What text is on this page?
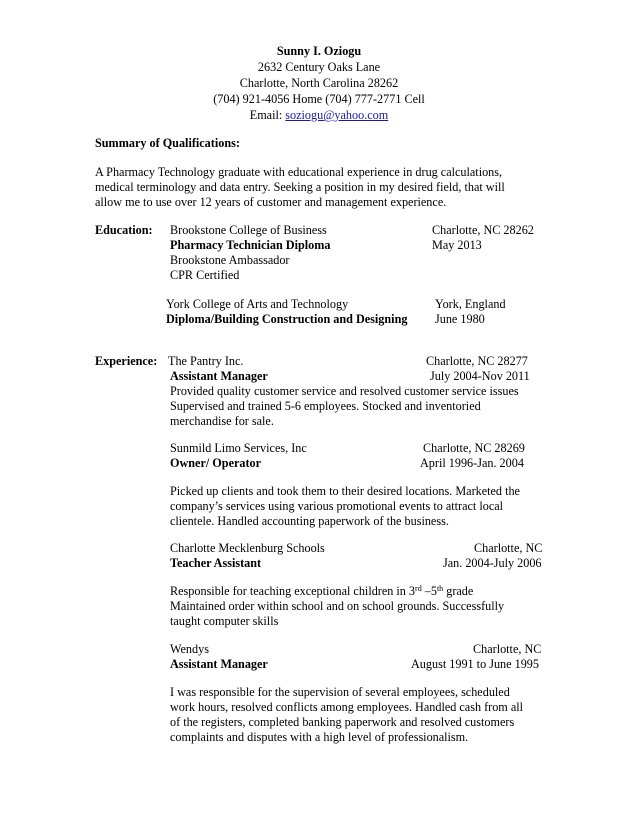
Sunny I. Oziogu
2632 Century Oaks Lane
Charlotte, North Carolina 28262
(704) 921-4056 Home (704) 777-2771 Cell
Email: soziogu@yahoo.com
Summary of Qualifications:
A Pharmacy Technology graduate with educational experience in drug calculations,
medical terminology and data entry. Seeking a position in my desired field, that will
allow me to use over 12 years of customer and management experience.
Education: Brookstone College of Business	Charlotte, NC 28262
Pharmacy Technician Diploma	May 2013
Brookstone Ambassador
CPR Certified
York College of Arts and Technology	York, England
Diploma/Building Construction and Designing June 1980
Experience: The Pantry Inc.	Charlotte, NC 28277
Assistant Manager	July 2004-Nov 2011
Provided quality customer service and resolved customer service issues
Supervised and trained 5-6 employees. Stocked and inventoried
merchandise for sale.
Sunmild Limo Services, Inc	Charlotte, NC 28269
Owner/ Operator	April 1996-Jan. 2004
Picked up clients and took them to their desired locations. Marketed the
company’s services using various promotional events to attract local
clientele. Handled accounting paperwork of the business.
Charlotte Mecklenburg Schools	Charlotte, NC
Teacher Assistant	Jan. 2004-July 2006
Responsible for teaching exceptional children in 3rd –5th grade
Maintained order within school and on school grounds. Successfully
taught computer skills
Wendys	Charlotte, NC
Assistant Manager	August 1991 to June 1995
I was responsible for the supervision of several employees, scheduled
work hours, resolved conflicts among employees. Handled cash from all
of the registers, completed banking paperwork and resolved customers
complaints and disputes with a high level of professionalism.
